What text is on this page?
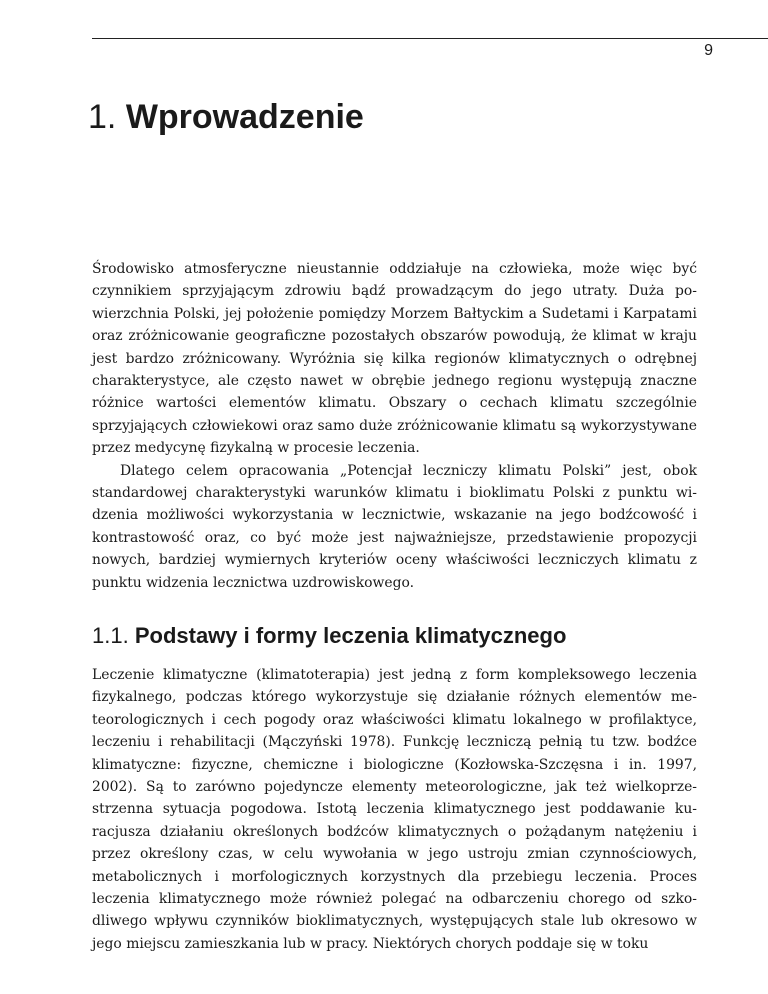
9
1. Wprowadzenie

Środowisko atmosferyczne nieustannie oddziałuje na człowieka, może więc być czynnikiem sprzyjającym zdrowiu bądź prowadzącym do jego utraty. Duża powierzchnia Polski, jej położenie pomiędzy Morzem Bałtyckim a Sudetami i Karpatami oraz zróżnicowanie geograficzne pozostałych obszarów powodują, że klimat w kraju jest bardzo zróżnicowany. Wyróżnia się kilka regionów klimatycznych o odrębnej charakterystyce, ale często nawet w obrębie jednego regionu występują znaczne różnice wartości elementów klimatu. Obszary o cechach klimatu szczególnie sprzyjających człowiekowi oraz samo duże zróżnicowanie klimatu są wykorzystywane przez medycynę fizykalną w procesie leczenia.

Dlatego celem opracowania „Potencjał leczniczy klimatu Polski” jest, obok standardowej charakterystyki warunków klimatu i bioklimatu Polski z punktu widzenia możliwości wykorzystania w lecznictwie, wskazanie na jego bodźcowość i kontrastowość oraz, co być może jest najważniejsze, przedstawienie propozycji nowych, bardziej wymiernych kryteriów oceny właściwości leczniczych klimatu z punktu widzenia lecznictwa uzdrowiskowego.

1.1. Podstawy i formy leczenia klimatycznego

Leczenie klimatyczne (klimatoterapia) jest jedną z form kompleksowego leczenia fizykalnego, podczas którego wykorzystuje się działanie różnych elementów meteorologicznych i cech pogody oraz właściwości klimatu lokalnego w profilaktyce, leczeniu i rehabilitacji (Mączyński 1978). Funkcję leczniczą pełnią tu tzw. bodźce klimatyczne: fizyczne, chemiczne i biologiczne (Kozłowska-Szczęsna i in. 1997, 2002). Są to zarówno pojedyncze elementy meteorologiczne, jak też wielkoprzestrzenna sytuacja pogodowa. Istotą leczenia klimatycznego jest poddawanie kuracjusza działaniu określonych bodźców klimatycznych o pożądanym natężeniu i przez określony czas, w celu wywołania w jego ustroju zmian czynnościowych, metabolicznych i morfologicznych korzystnych dla przebiegu leczenia. Proces leczenia klimatycznego może również polegać na odbarczeniu chorego od szkodliwego wpływu czynników bioklimatycznych, występujących stale lub okresowo w jego miejscu zamieszkania lub w pracy. Niektórych chorych poddaje się w toku
